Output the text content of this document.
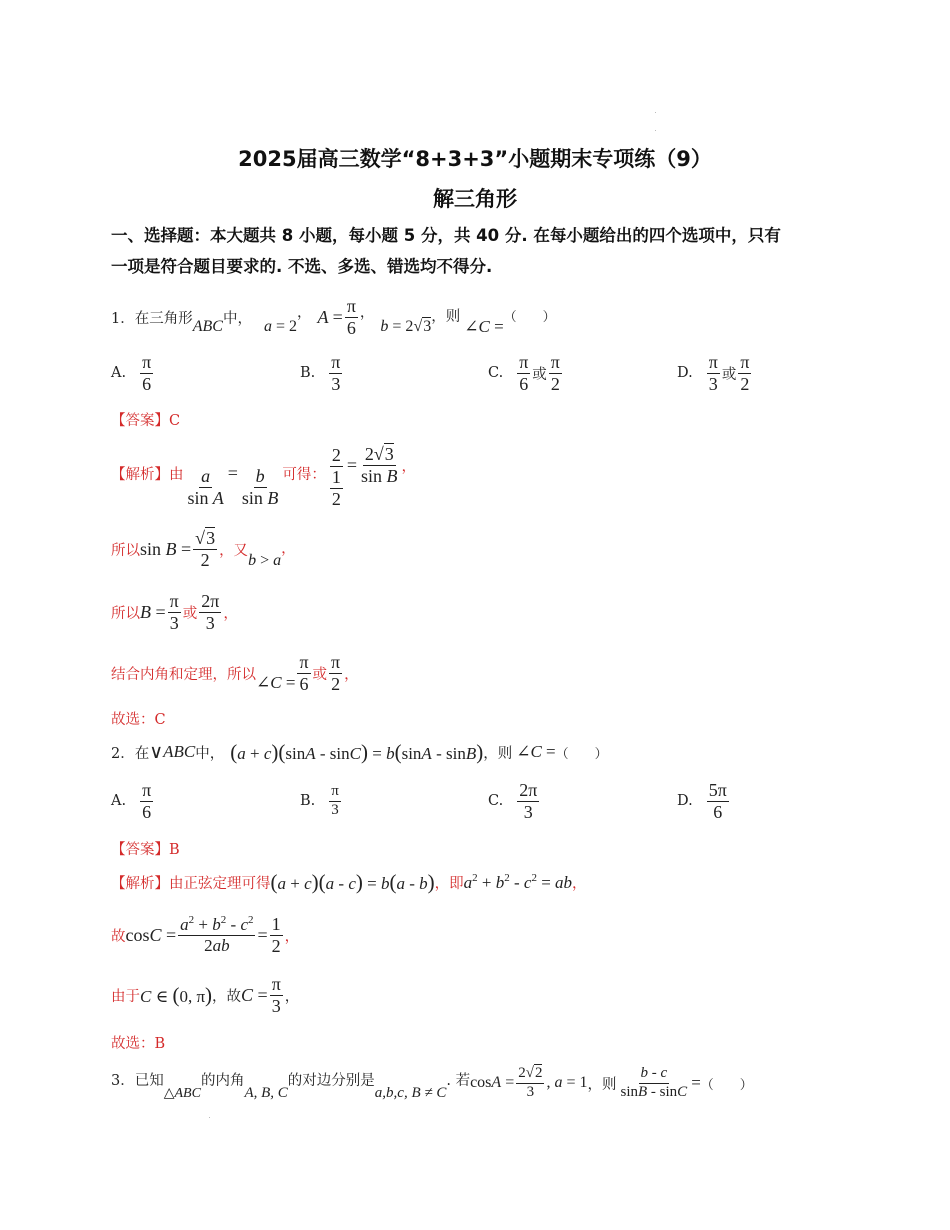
2025届高三数学“8+3+3”小题期末专项练（9）
解三角形
一、选择题：本大题共 8 小题，每小题 5 分，共 40 分. 在每小题给出的四个选项中，只有
一项是符合题目要求的. 不选、多选、错选均不得分.
1．在三角形 ABC 中， a = 2
， $A = \frac{\pi}{6}$ ，
b = 2√3
，则
∠C = （　　）
A. $\frac{\pi}{6}$	B. $\frac{\pi}{3}$	C. $\frac{\pi}{6}$ 或 $\frac{\pi}{2}$	D. $\frac{\pi}{3}$ 或 $\frac{\pi}{2}$
【答案】C
【解析】 由 $\frac{a}{\text{sin A}} = \frac{b}{\text{sin B}}$ 可得： $\frac{2}{\frac{1}{2}} = \frac{2√3}{\text{sin B}}$ ，
所以 $\sin B = \frac{√3}{2}$ ，又
b > a
，
所以 $B = \frac{\pi}{3}$ 或 $\frac{2\pi}{3}$ ，
结合内角和定理，所以 ∠C = $\frac{\pi}{6}$ 或 $\frac{\pi}{2}$ ，
故选：C
2．在 ∨ ABC 中， (a + c)(sinA - sinC) = b(sinA - sinB) ，则 ∠C = （　　）
A. $\frac{\pi}{6}$	B. $\frac{\pi}{3}$	C. $\frac{2\pi}{3}$	D. $\frac{5\pi}{6}$
【答案】B
【解析】 由正弦定理可得 (a + c)(a - c) = b(a - b) ，即 $a^2 + b^2 - c^2$ = ab ，
故 $\cos C = \frac{a^2 + b^2 - c^2}{2ab} = \frac{1}{2}$ ，
由于 C ∈ (0, π) ，故 $C = \frac{\pi}{3}$ ，
故选：B
3．已知
△ABC
的内角
A, B, C
的对边分别是
a,b,c, B ≠ C
. 若 $\cos A = \frac{2√2}{3}$ , a = 1 ，则 $\frac{b - c}{\sin B - \sin C}$ = （　　）
